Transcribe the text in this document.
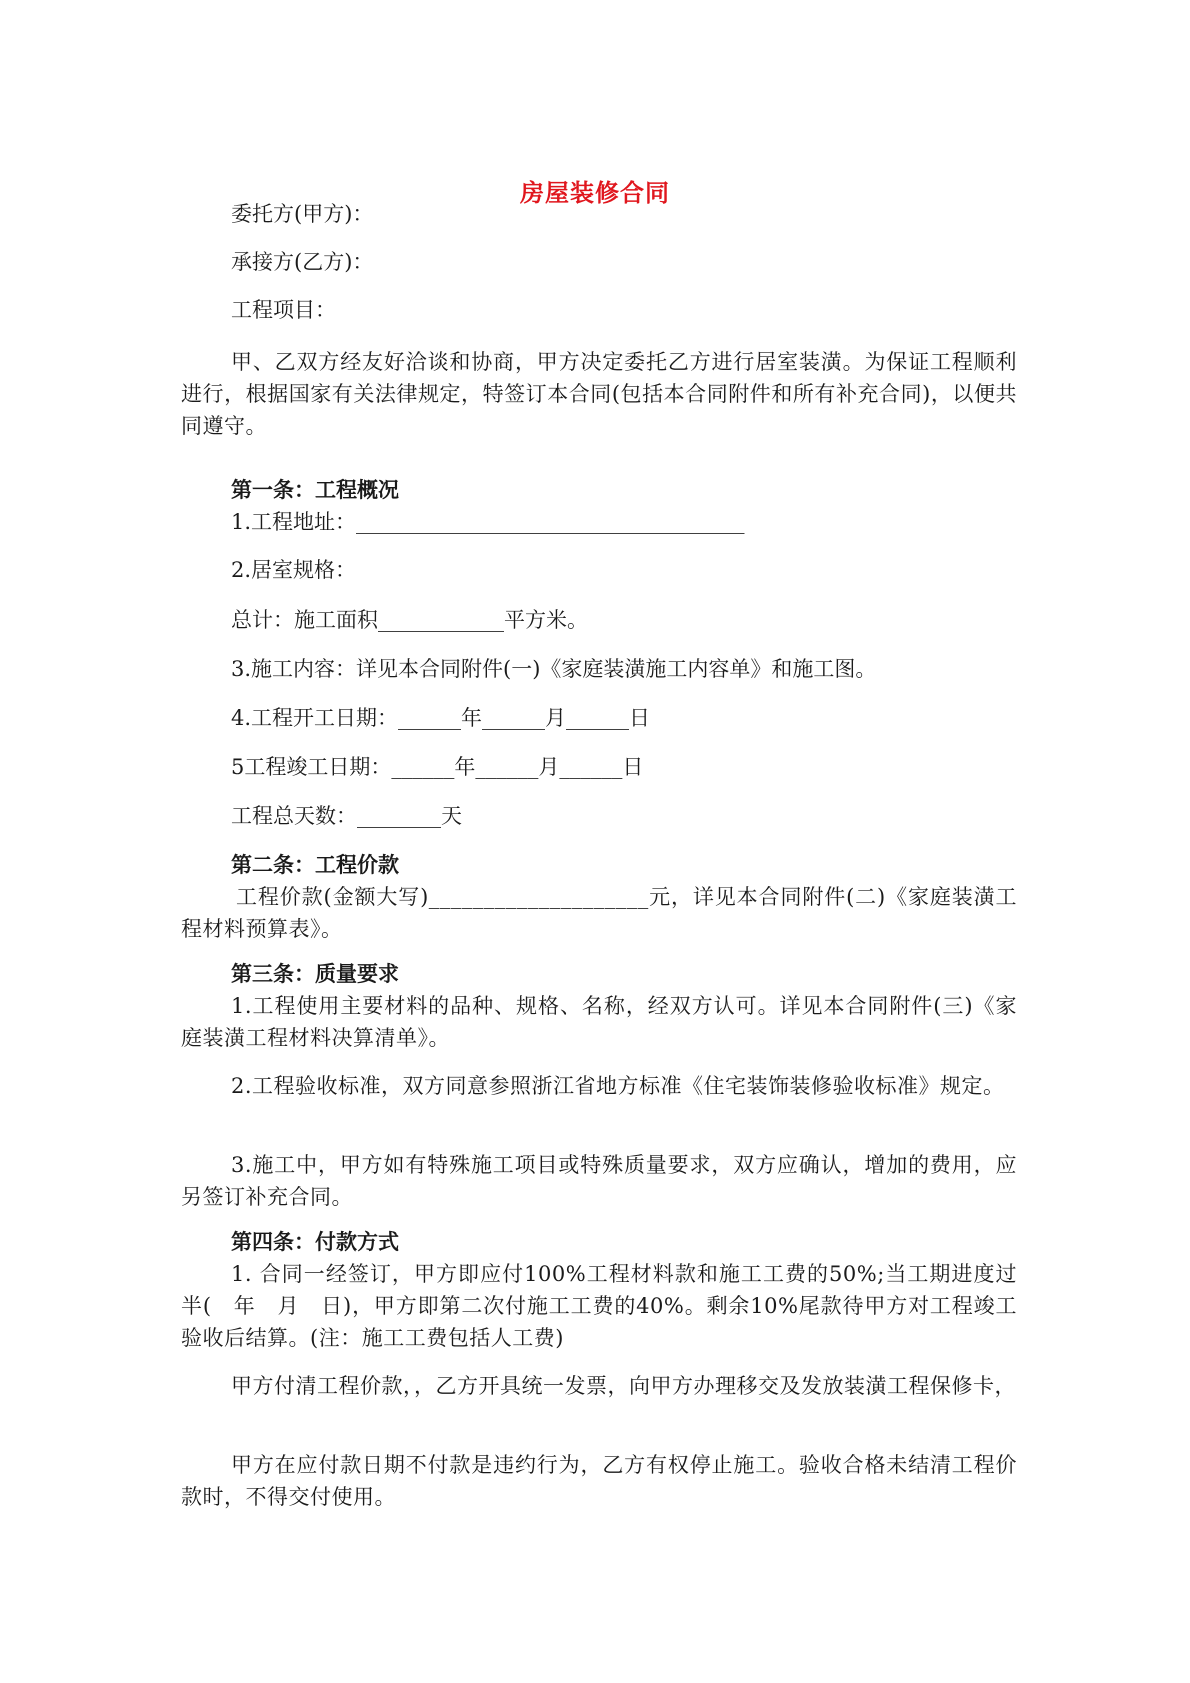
房屋装修合同
委托方(甲方)：
承接方(乙方)：
工程项目：
甲、乙双方经友好洽谈和协商，甲方决定委托乙方进行居室装潢。为保证工程顺利进行，根据国家有关法律规定，特签订本合同(包括本合同附件和所有补充合同)，以便共同遵守。
第一条：工程概况
1.工程地址：_____________________________________
2.居室规格：
总计：施工面积____________平方米。
3.施工内容：详见本合同附件(一)《家庭装潢施工内容单》和施工图。
4.工程开工日期：______年______月______日
5工程竣工日期：______年______月______日
工程总天数：________天
第二条：工程价款
工程价款(金额大写)____________________元，详见本合同附件(二)《家庭装潢工程材料预算表》。
第三条：质量要求
1.工程使用主要材料的品种、规格、名称，经双方认可。详见本合同附件(三)《家庭装潢工程材料决算清单》。
2.工程验收标准，双方同意参照浙江省地方标准《住宅装饰装修验收标准》规定。
3.施工中，甲方如有特殊施工项目或特殊质量要求，双方应确认，增加的费用，应另签订补充合同。
第四条：付款方式
1. 合同一经签订，甲方即应付100%工程材料款和施工工费的50%;当工期进度过半(　年　月　日)，甲方即第二次付施工工费的40%。剩余10%尾款待甲方对工程竣工验收后结算。(注：施工工费包括人工费)
甲方付清工程价款，，乙方开具统一发票，向甲方办理移交及发放装潢工程保修卡，
甲方在应付款日期不付款是违约行为，乙方有权停止施工。验收合格未结清工程价款时，不得交付使用。
